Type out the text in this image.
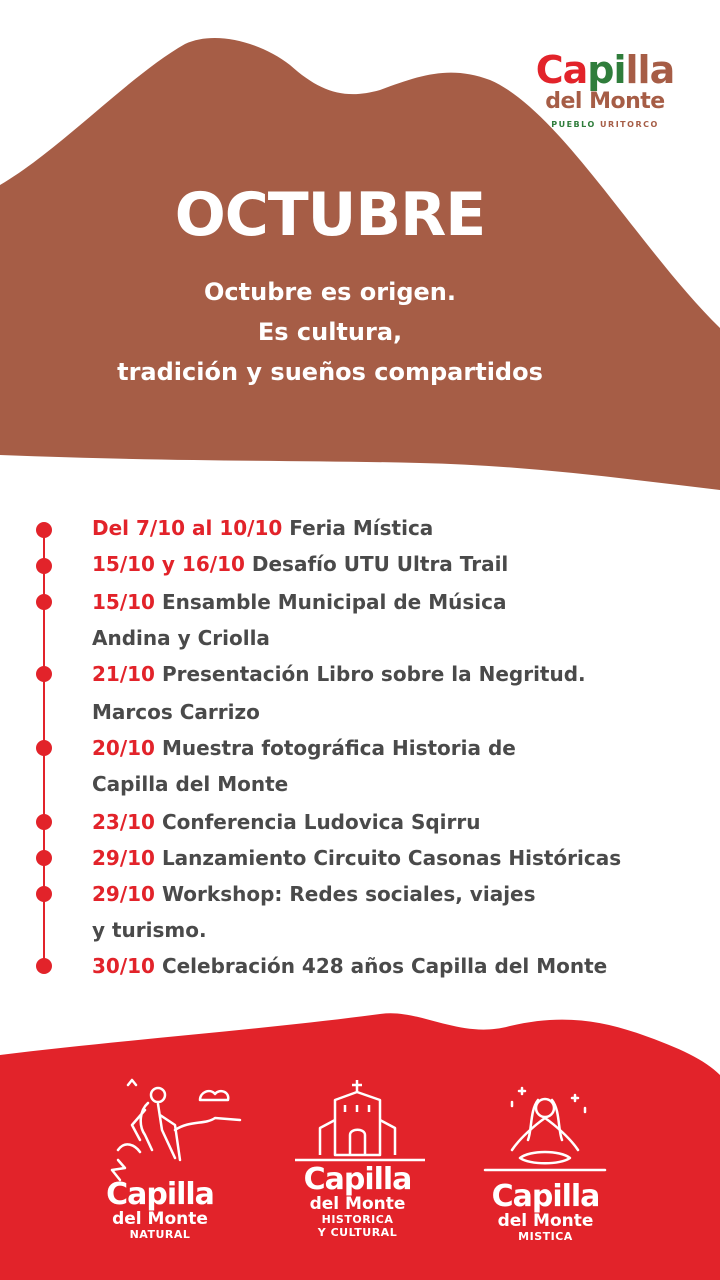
Capilla
del Monte
PUEBLO URITORCO
OCTUBRE
Octubre es origen.
Es cultura,
tradición y sueños compartidos
Del 7/10 al 10/10 Feria Mística
15/10 y 16/10 Desafío UTU Ultra Trail
15/10 Ensamble Municipal de Música
Andina y Criolla
21/10 Presentación Libro sobre la Negritud.
Marcos Carrizo
20/10 Muestra fotográfica Historia de
Capilla del Monte
23/10 Conferencia Ludovica Sqirru
29/10 Lanzamiento Circuito Casonas Históricas
29/10 Workshop: Redes sociales, viajes
y turismo.
30/10 Celebración 428 años Capilla del Monte
Capilla
del Monte
NATURAL
Capilla
del Monte
HISTORICA
Y CULTURAL
Capilla
del Monte
MISTICA
